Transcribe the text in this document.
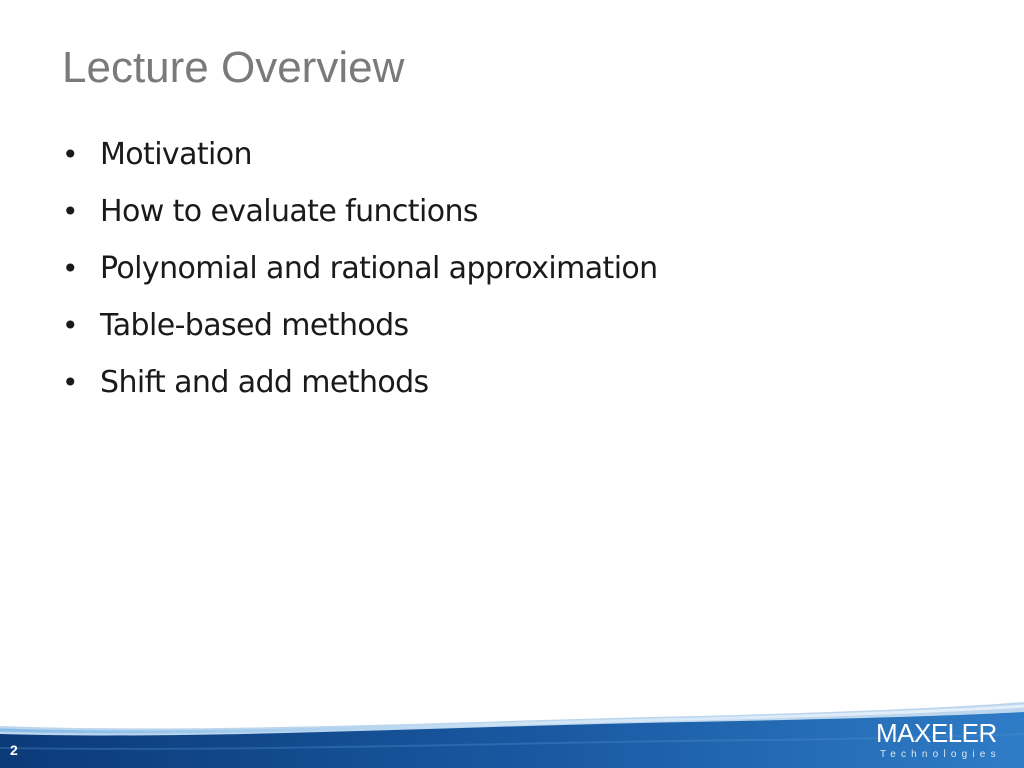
Lecture Overview
• Motivation
• How to evaluate functions
• Polynomial and rational approximation
• Table-based methods
• Shift and add methods
2
MAXELER
Technologies
